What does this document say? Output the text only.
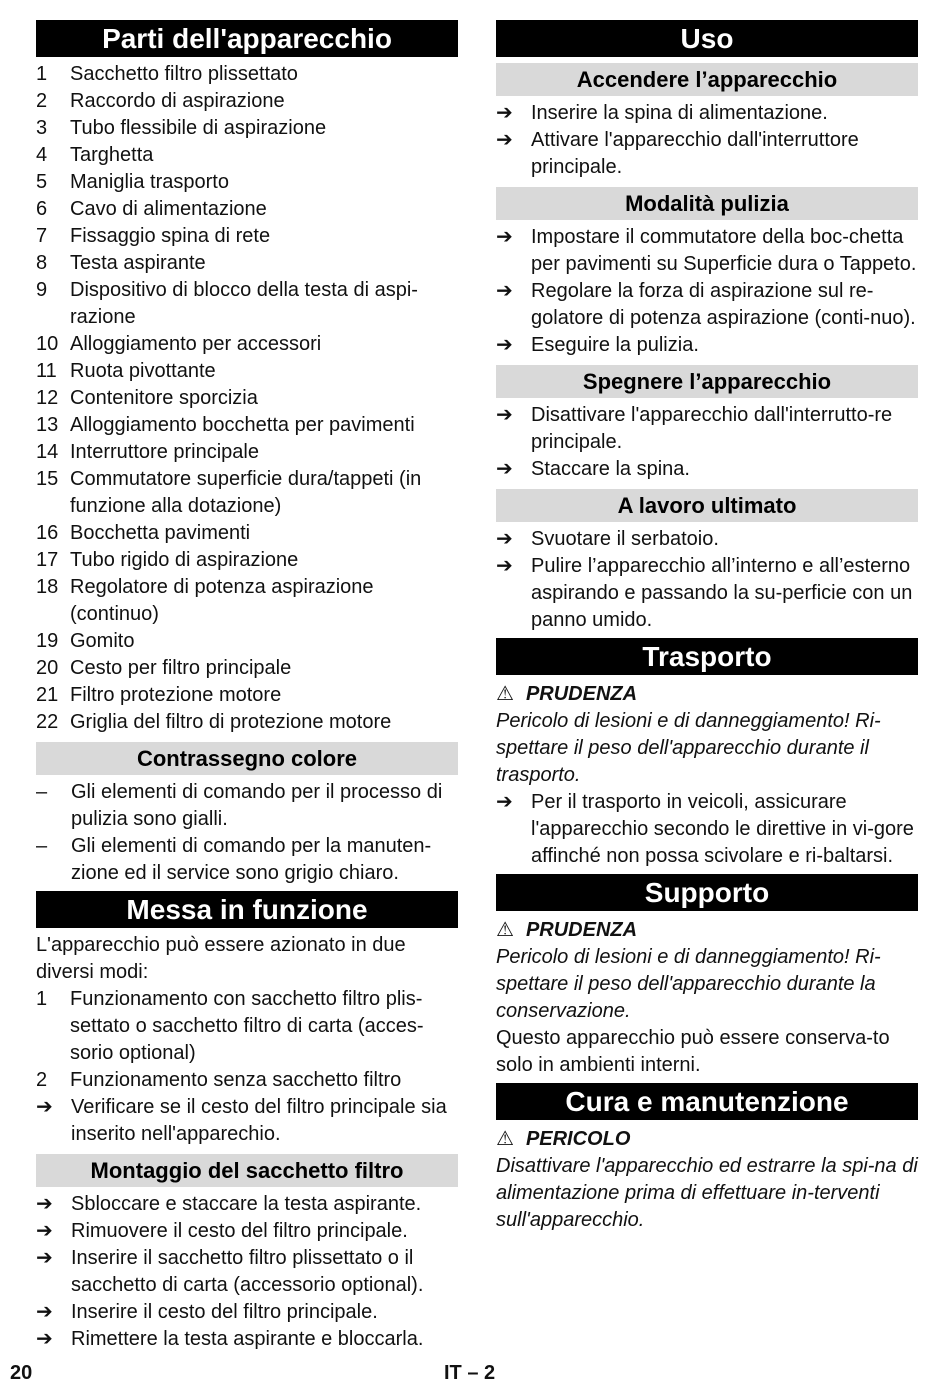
Parti dell'apparecchio
1	Sacchetto filtro plissettato
2	Raccordo di aspirazione
3	Tubo flessibile di aspirazione
4	Targhetta
5	Maniglia trasporto
6	Cavo di alimentazione
7	Fissaggio spina di rete
8	Testa aspirante
9	Dispositivo di blocco della testa di aspi-razione
10 Alloggiamento per accessori
11 Ruota pivottante
12 Contenitore sporcizia
13 Alloggiamento bocchetta per pavimenti
14 Interruttore principale
15 Commutatore superficie dura/tappeti (in funzione alla dotazione)
16 Bocchetta pavimenti
17 Tubo rigido di aspirazione
18 Regolatore di potenza aspirazione (continuo)
19 Gomito
20 Cesto per filtro principale
21 Filtro protezione motore
22 Griglia del filtro di protezione motore
Contrassegno colore
–	Gli elementi di comando per il processo di pulizia sono gialli.
–	Gli elementi di comando per la manuten-zione ed il service sono grigio chiaro.
Messa in funzione
L'apparecchio può essere azionato in due diversi modi:
1	Funzionamento con sacchetto filtro plis-settato o sacchetto filtro di carta (acces-sorio optional)
2	Funzionamento senza sacchetto filtro
➔ Verificare se il cesto del filtro principale sia inserito nell'apparechio.
Montaggio del sacchetto filtro
➔ Sbloccare e staccare la testa aspirante.
➔ Rimuovere il cesto del filtro principale.
➔ Inserire il sacchetto filtro plissettato o il sacchetto di carta (accessorio optional).
➔ Inserire il cesto del filtro principale.
➔ Rimettere la testa aspirante e bloccarla.
Uso
Accendere l’apparecchio
➔ Inserire la spina di alimentazione.
➔ Attivare l'apparecchio dall'interruttore principale.
Modalità pulizia
➔ Impostare il commutatore della boc-chetta per pavimenti su Superficie dura o Tappeto.
➔ Regolare la forza di aspirazione sul re-golatore di potenza aspirazione (conti-nuo).
➔ Eseguire la pulizia.
Spegnere l’apparecchio
➔ Disattivare l'apparecchio dall'interrutto-re principale.
➔ Staccare la spina.
A lavoro ultimato
➔ Svuotare il serbatoio.
➔ Pulire l’apparecchio all’interno e all’esterno aspirando e passando la su-perficie con un panno umido.
Trasporto
⚠ PRUDENZA
Pericolo di lesioni e di danneggiamento! Ri-spettare il peso dell'apparecchio durante il trasporto.
➔ Per il trasporto in veicoli, assicurare l'apparecchio secondo le direttive in vi-gore affinché non possa scivolare e ri-baltarsi.
Supporto
⚠ PRUDENZA
Pericolo di lesioni e di danneggiamento! Ri-spettare il peso dell'apparecchio durante la conservazione.
Questo apparecchio può essere conserva-to solo in ambienti interni.
Cura e manutenzione
⚠ PERICOLO
Disattivare l'apparecchio ed estrarre la spi-na di alimentazione prima di effettuare in-terventi sull'apparecchio.
20	IT – 2
